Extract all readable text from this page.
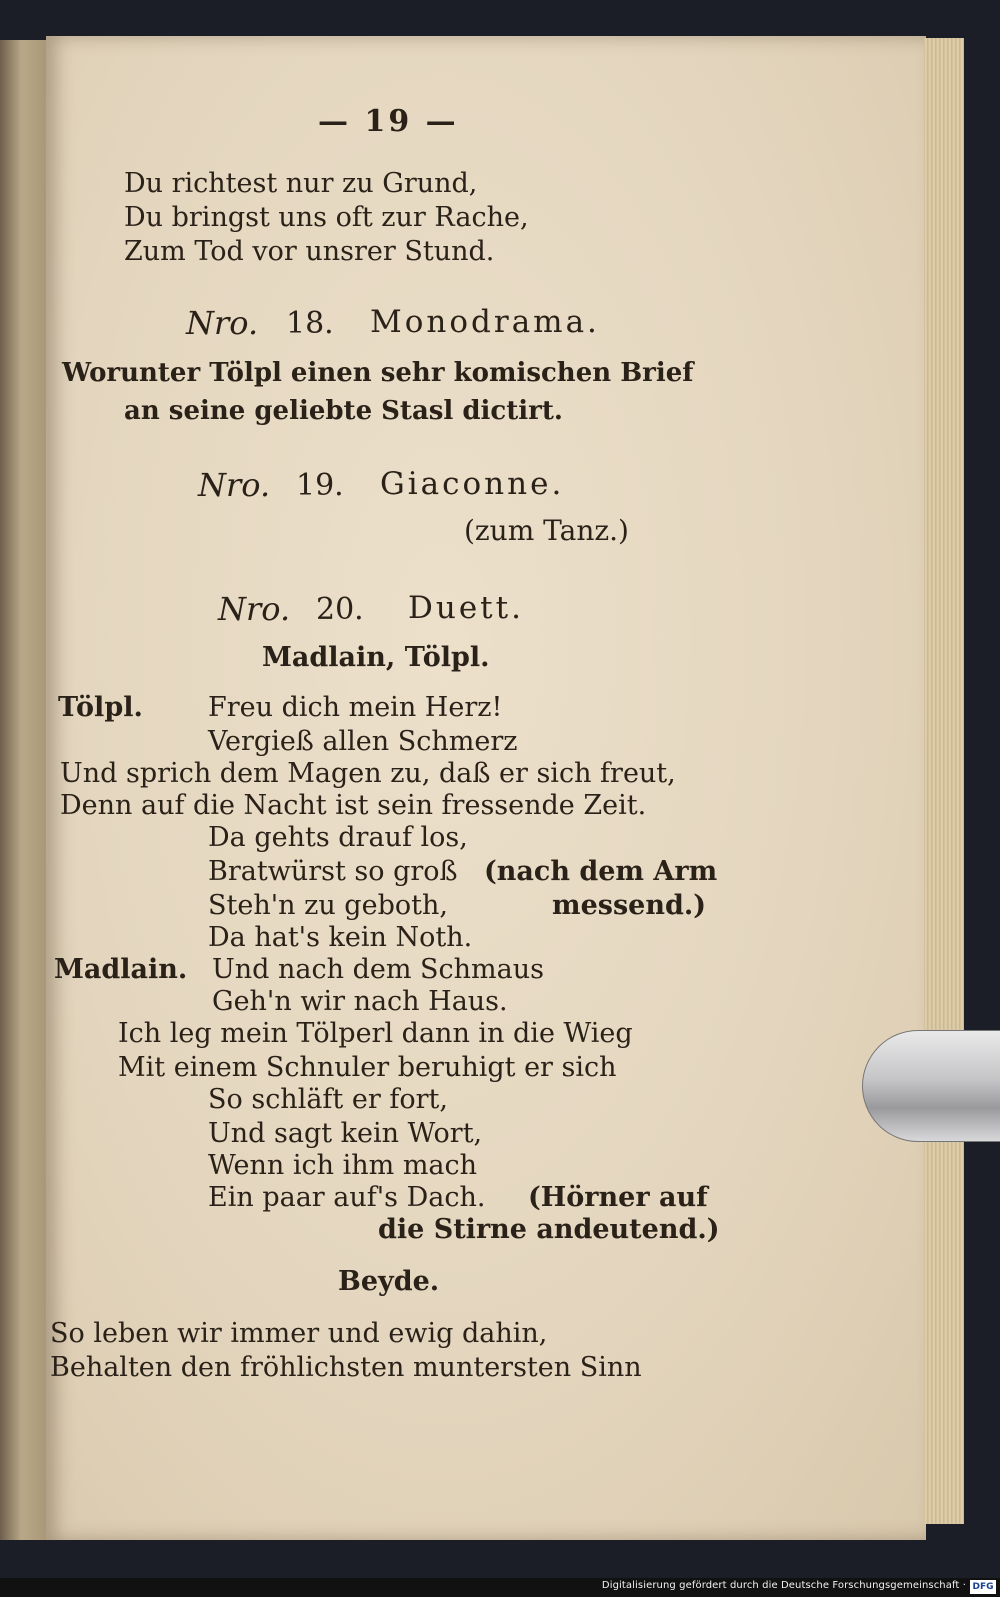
— 19 —
Du richtest nur zu Grund,
Du bringst uns oft zur Rache,
Zum Tod vor unsrer Stund.
Nro. 18. Monodrama.
Worunter Tölpl einen sehr komischen Brief
an seine geliebte Stasl dictirt.
Nro. 19. Giaconne.
(zum Tanz.)
Nro. 20. Duett.
Madlain, Tölpl.
Tölpl. Freu dich mein Herz!
Vergieß allen Schmerz
Und sprich dem Magen zu, daß er sich freut,
Denn auf die Nacht ist sein fressende Zeit.
Da gehts drauf los,
Bratwürst so groß (nach dem Arm
Steh'n zu geboth,	messend.)
Da hat's kein Noth.
Madlain. Und nach dem Schmaus
Geh'n wir nach Haus.
Ich leg mein Tölperl dann in die Wieg
Mit einem Schnuler beruhigt er sich
So schläft er fort,
Und sagt kein Wort,
Wenn ich ihm mach
Ein paar auf's Dach. (Hörner auf
die Stirne andeutend.)
Beyde.
So leben wir immer und ewig dahin,
Behalten den fröhlichsten muntersten Sinn
Digitalisierung gefördert durch die Deutsche Forschungsgemeinschaft · DFG
